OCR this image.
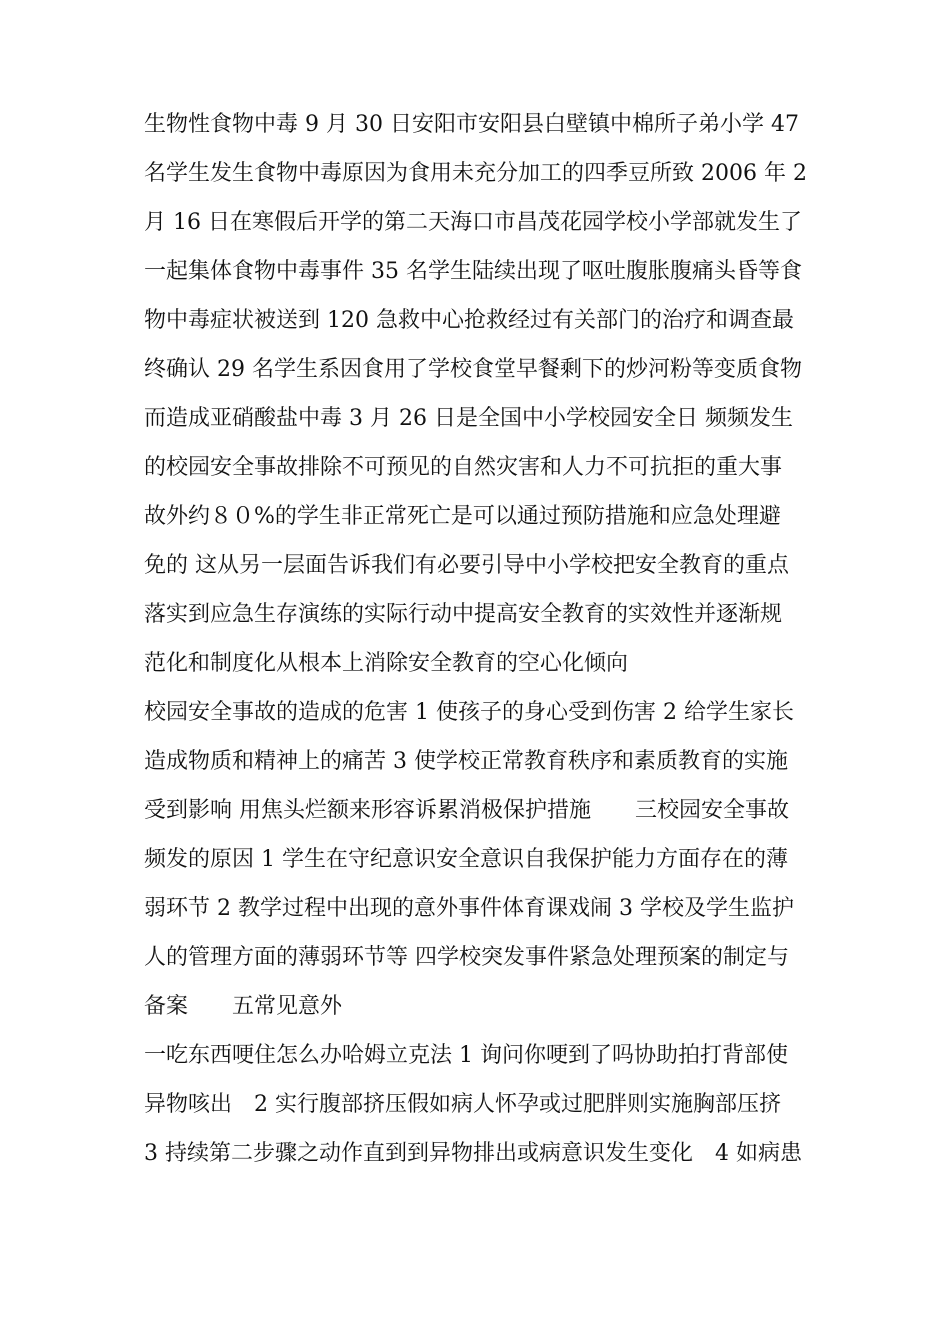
生物性食物中毒 9 月 30 日安阳市安阳县白壁镇中棉所子弟小学 47
名学生发生食物中毒原因为食用未充分加工的四季豆所致 2006 年 2
月 16 日在寒假后开学的第二天海口市昌茂花园学校小学部就发生了
一起集体食物中毒事件 35 名学生陆续出现了呕吐腹胀腹痛头昏等食
物中毒症状被送到 120 急救中心抢救经过有关部门的治疗和调查最
终确认 29 名学生系因食用了学校食堂早餐剩下的炒河粉等变质食物
而造成亚硝酸盐中毒 3 月 26 日是全国中小学校园安全日 频频发生
的校园安全事故排除不可预见的自然灾害和人力不可抗拒的重大事
故外约８０%的学生非正常死亡是可以通过预防措施和应急处理避
免的 这从另一层面告诉我们有必要引导中小学校把安全教育的重点
落实到应急生存演练的实际行动中提高安全教育的实效性并逐渐规
范化和制度化从根本上消除安全教育的空心化倾向
校园安全事故的造成的危害 1 使孩子的身心受到伤害 2 给学生家长
造成物质和精神上的痛苦 3 使学校正常教育秩序和素质教育的实施
受到影响 用焦头烂额来形容诉累消极保护措施　　三校园安全事故
频发的原因 1 学生在守纪意识安全意识自我保护能力方面存在的薄
弱环节 2 教学过程中出现的意外事件体育课戏闹 3 学校及学生监护
人的管理方面的薄弱环节等 四学校突发事件紧急处理预案的制定与
备案　　五常见意外
一吃东西哽住怎么办哈姆立克法 1 询问你哽到了吗协助拍打背部使
异物咳出　2 实行腹部挤压假如病人怀孕或过肥胖则实施胸部压挤
3 持续第二步骤之动作直到到异物排出或病意识发生变化　4 如病患
